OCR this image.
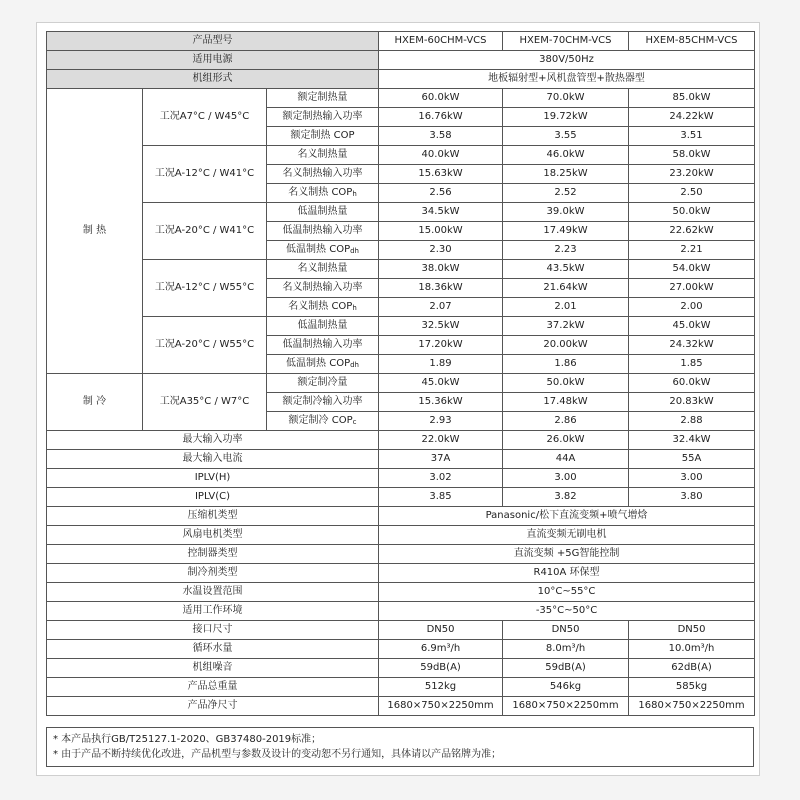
产品型号			HXEM-60CHM-VCS	HXEM-70CHM-VCS	HXEM-85CHM-VCS
适用电源			380V/50Hz		
机组形式			地板辐射型+风机盘管型+散热器型		
制 热	工况A7°C / W45°C	额定制热量	60.0kW	70.0kW	85.0kW
		额定制热输入功率	16.76kW	19.72kW	24.22kW
		额定制热 COP	3.58	3.55	3.51
	工况A-12°C / W41°C	名义制热量	40.0kW	46.0kW	58.0kW
		名义制热输入功率	15.63kW	18.25kW	23.20kW
		名义制热 $COP_h$	2.56	2.52	2.50
	工况A-20°C / W41°C	低温制热量	34.5kW	39.0kW	50.0kW
		低温制热输入功率	15.00kW	17.49kW	22.62kW
		低温制热 $COP_{dh}$	2.30	2.23	2.21
	工况A-12°C / W55°C	名义制热量	38.0kW	43.5kW	54.0kW
		名义制热输入功率	18.36kW	21.64kW	27.00kW
		名义制热 $COP_h$	2.07	2.01	2.00
	工况A-20°C / W55°C	低温制热量	32.5kW	37.2kW	45.0kW
		低温制热输入功率	17.20kW	20.00kW	24.32kW
		低温制热 $COP_{dh}$	1.89	1.86	1.85
制 冷	工况A35°C / W7°C	额定制冷量	45.0kW	50.0kW	60.0kW
		额定制冷输入功率	15.36kW	17.48kW	20.83kW
		额定制冷 $COP_c$	2.93	2.86	2.88
最大输入功率			22.0kW	26.0kW	32.4kW
最大输入电流			37A	44A	55A
IPLV(H)			3.02	3.00	3.00
IPLV(C)			3.85	3.82	3.80
压缩机类型			Panasonic/松下直流变频+喷气增焓		
风扇电机类型			直流变频无刷电机		
控制器类型			直流变频 +5G智能控制		
制冷剂类型			R410A 环保型		
水温设置范围			10°C~55°C		
适用工作环境			-35°C~50°C		
接口尺寸			DN50	DN50	DN50
循环水量			6.9m³/h	8.0m³/h	10.0m³/h
机组噪音			59dB(A)	59dB(A)	62dB(A)
产品总重量			512kg	546kg	585kg
产品净尺寸			1680×750×2250mm	1680×750×2250mm	1680×750×2250mm
* 本产品执行GB/T25127.1-2020、GB37480-2019标准；
* 由于产品不断持续优化改进，产品机型与参数及设计的变动恕不另行通知，具体请以产品铭牌为准；
